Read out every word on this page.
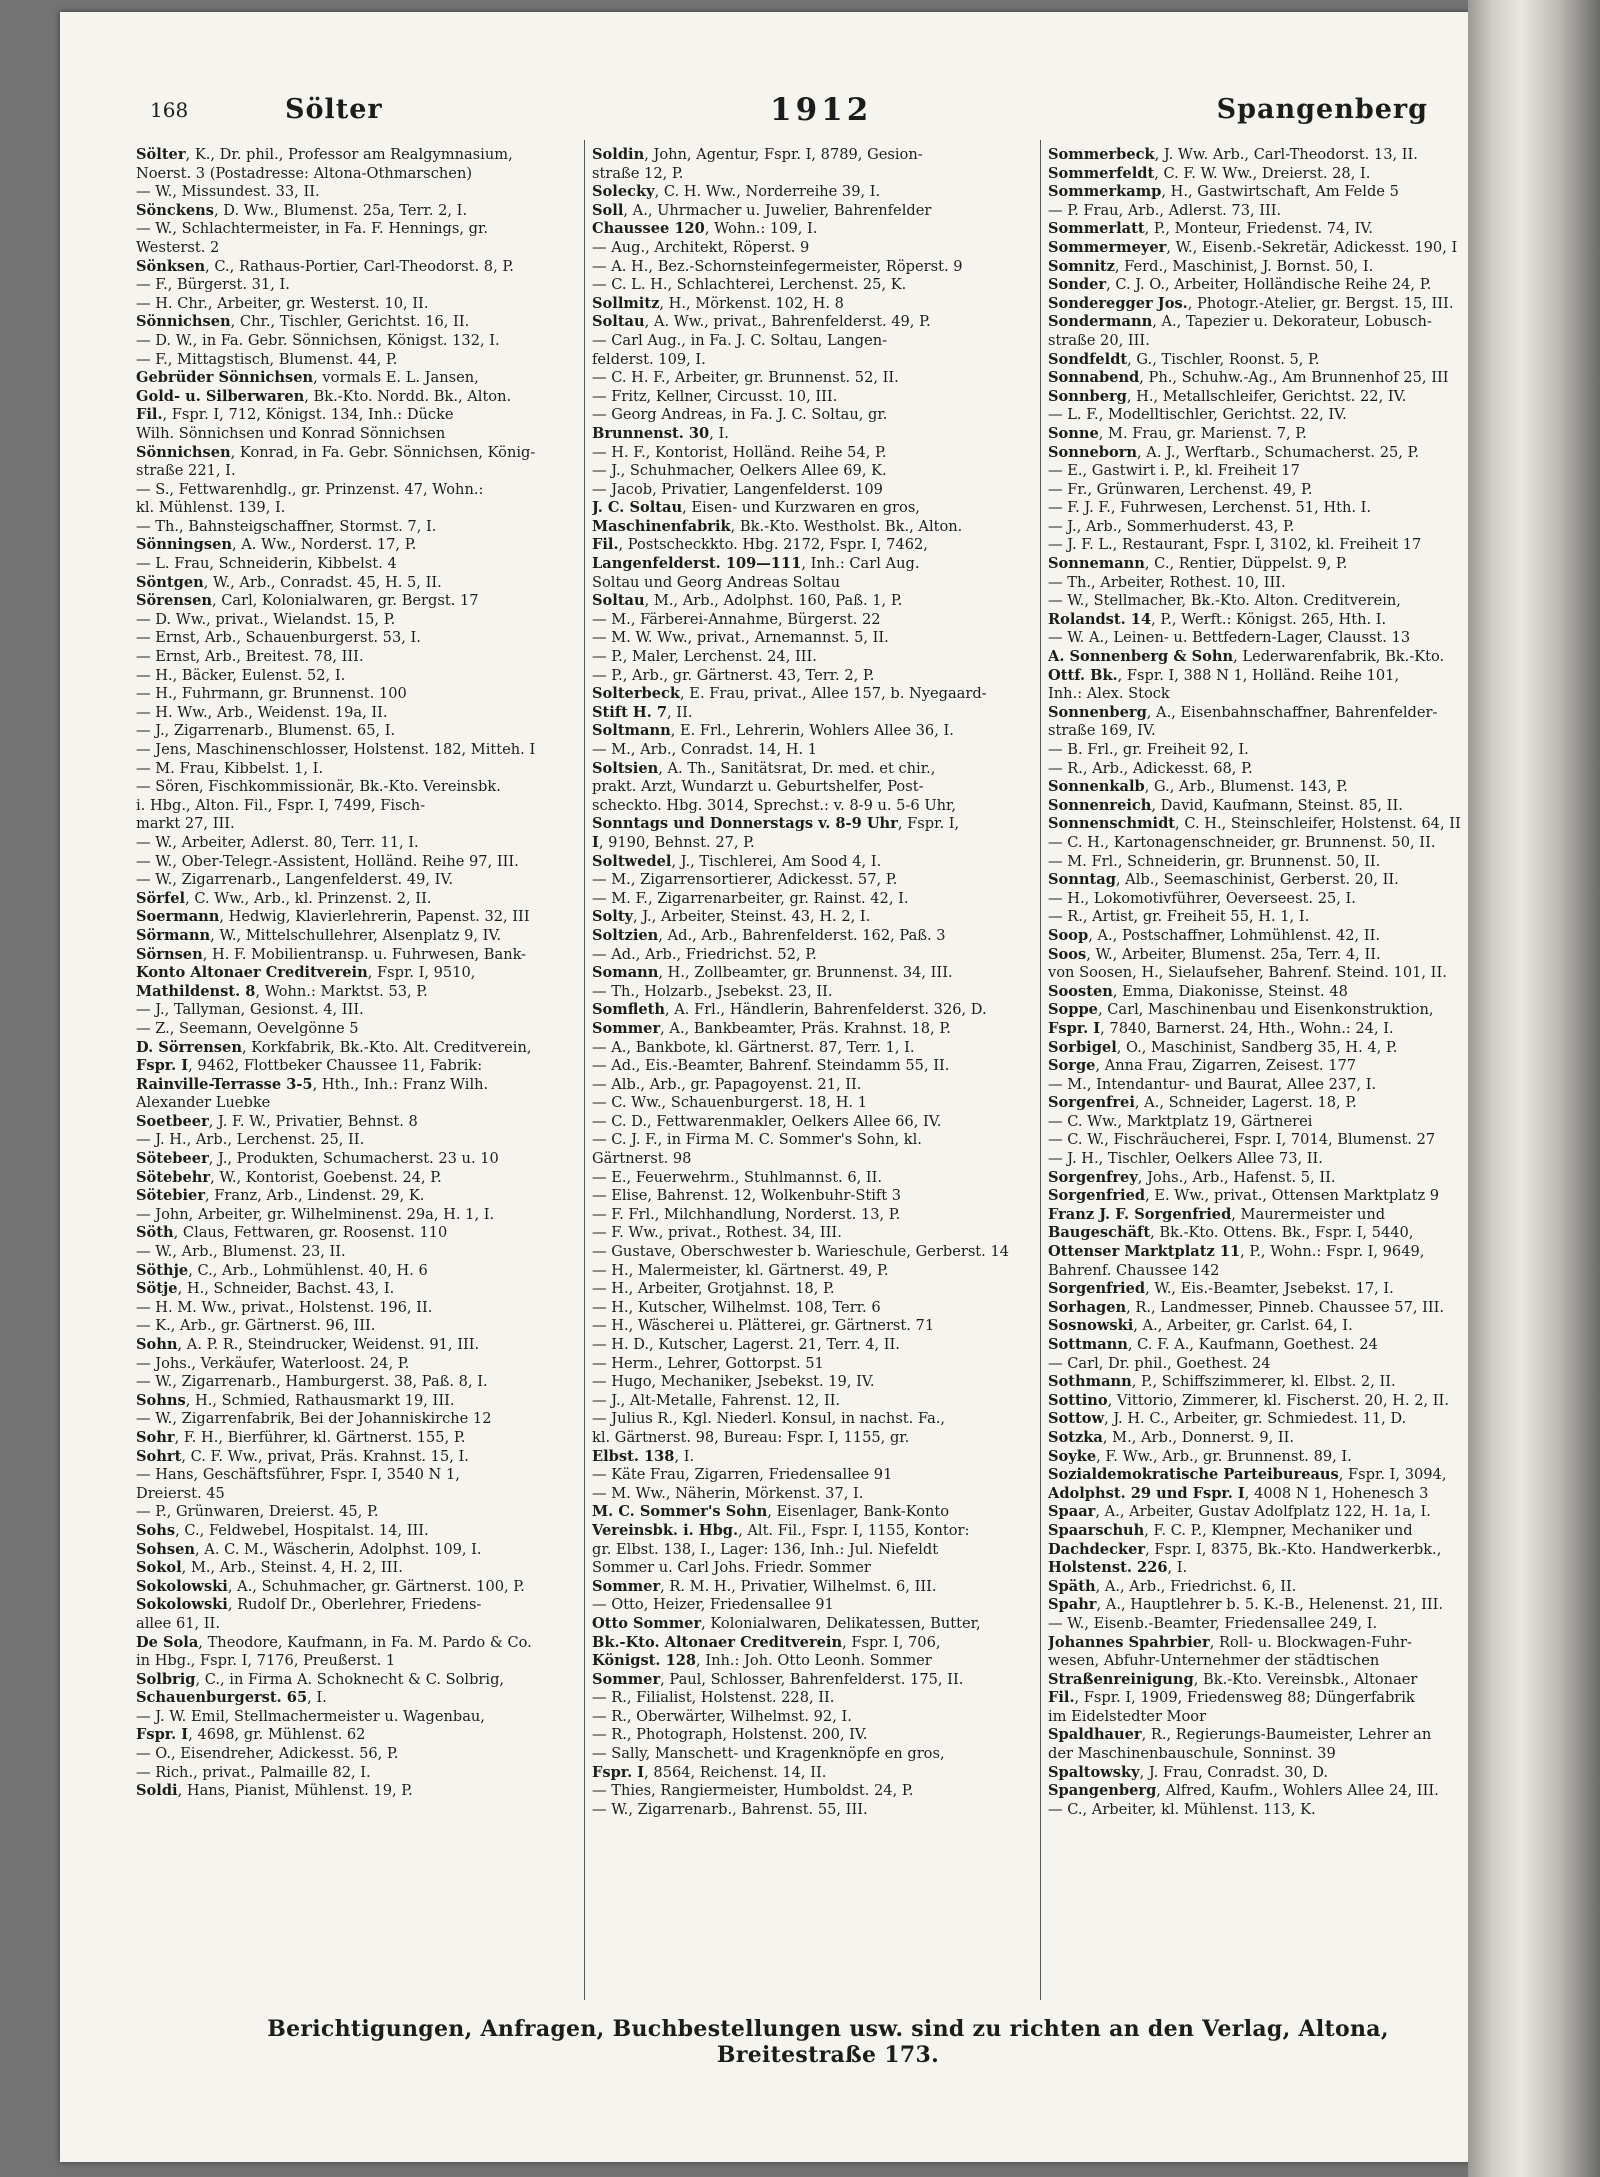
168	Sölter	1912	Spangenberg
Sölter, K., Dr. phil., Professor am Realgymnasium,
Noerst. 3 (Postadresse: Altona-Othmarschen)
— W., Missundest. 33, II.
Sönckens, D. Ww., Blumenst. 25a, Terr. 2, I.
— W., Schlachtermeister, in Fa. F. Hennings, gr.
Westerst. 2
Sönksen, C., Rathaus-Portier, Carl-Theodorst. 8, P.
— F., Bürgerst. 31, I.
— H. Chr., Arbeiter, gr. Westerst. 10, II.
Sönnichsen, Chr., Tischler, Gerichtst. 16, II.
— D. W., in Fa. Gebr. Sönnichsen, Königst. 132, I.
— F., Mittagstisch, Blumenst. 44, P.
Gebrüder Sönnichsen, vormals E. L. Jansen,
Gold- u. Silberwaren, Bk.-Kto. Nordd. Bk., Alton.
Fil., Fspr. I, 712, Königst. 134, Inh.: Dücke
Wilh. Sönnichsen und Konrad Sönnichsen
Sönnichsen, Konrad, in Fa. Gebr. Sönnichsen, König-
straße 221, I.
— S., Fettwarenhdlg., gr. Prinzenst. 47, Wohn.:
kl. Mühlenst. 139, I.
— Th., Bahnsteigschaffner, Stormst. 7, I.
Sönningsen, A. Ww., Norderst. 17, P.
— L. Frau, Schneiderin, Kibbelst. 4
Söntgen, W., Arb., Conradst. 45, H. 5, II.
Sörensen, Carl, Kolonialwaren, gr. Bergst. 17
— D. Ww., privat., Wielandst. 15, P.
— Ernst, Arb., Schauenburgerst. 53, I.
— Ernst, Arb., Breitest. 78, III.
— H., Bäcker, Eulenst. 52, I.
— H., Fuhrmann, gr. Brunnenst. 100
— H. Ww., Arb., Weidenst. 19a, II.
— J., Zigarrenarb., Blumenst. 65, I.
— Jens, Maschinenschlosser, Holstenst. 182, Mitteh. I
— M. Frau, Kibbelst. 1, I.
— Sören, Fischkommissionär, Bk.-Kto. Vereinsbk.
i. Hbg., Alton. Fil., Fspr. I, 7499, Fisch-
markt 27, III.
— W., Arbeiter, Adlerst. 80, Terr. 11, I.
— W., Ober-Telegr.-Assistent, Holländ. Reihe 97, III.
— W., Zigarrenarb., Langenfelderst. 49, IV.
Sörfel, C. Ww., Arb., kl. Prinzenst. 2, II.
Soermann, Hedwig, Klavierlehrerin, Papenst. 32, III
Sörmann, W., Mittelschullehrer, Alsenplatz 9, IV.
Sörnsen, H. F. Mobilientransp. u. Fuhrwesen, Bank-
Konto Altonaer Creditverein, Fspr. I, 9510,
Mathildenst. 8, Wohn.: Marktst. 53, P.
— J., Tallyman, Gesionst. 4, III.
— Z., Seemann, Oevelgönne 5
D. Sörrensen, Korkfabrik, Bk.-Kto. Alt. Creditverein,
Fspr. I, 9462, Flottbeker Chaussee 11, Fabrik:
Rainville-Terrasse 3-5, Hth., Inh.: Franz Wilh.
Alexander Luebke
Soetbeer, J. F. W., Privatier, Behnst. 8
— J. H., Arb., Lerchenst. 25, II.
Sötebeer, J., Produkten, Schumacherst. 23 u. 10
Sötebehr, W., Kontorist, Goebenst. 24, P.
Sötebier, Franz, Arb., Lindenst. 29, K.
— John, Arbeiter, gr. Wilhelminenst. 29a, H. 1, I.
Söth, Claus, Fettwaren, gr. Roosenst. 110
— W., Arb., Blumenst. 23, II.
Söthje, C., Arb., Lohmühlenst. 40, H. 6
Sötje, H., Schneider, Bachst. 43, I.
— H. M. Ww., privat., Holstenst. 196, II.
— K., Arb., gr. Gärtnerst. 96, III.
Sohn, A. P. R., Steindrucker, Weidenst. 91, III.
— Johs., Verkäufer, Waterloost. 24, P.
— W., Zigarrenarb., Hamburgerst. 38, Paß. 8, I.
Sohns, H., Schmied, Rathausmarkt 19, III.
— W., Zigarrenfabrik, Bei der Johanniskirche 12
Sohr, F. H., Bierführer, kl. Gärtnerst. 155, P.
Sohrt, C. F. Ww., privat, Präs. Krahnst. 15, I.
— Hans, Geschäftsführer, Fspr. I, 3540 N 1,
Dreierst. 45
— P., Grünwaren, Dreierst. 45, P.
Sohs, C., Feldwebel, Hospitalst. 14, III.
Sohsen, A. C. M., Wäscherin, Adolphst. 109, I.
Sokol, M., Arb., Steinst. 4, H. 2, III.
Sokolowski, A., Schuhmacher, gr. Gärtnerst. 100, P.
Sokolowski, Rudolf Dr., Oberlehrer, Friedens-
allee 61, II.
De Sola, Theodore, Kaufmann, in Fa. M. Pardo & Co.
in Hbg., Fspr. I, 7176, Preußerst. 1
Solbrig, C., in Firma A. Schoknecht & C. Solbrig,
Schauenburgerst. 65, I.
— J. W. Emil, Stellmachermeister u. Wagenbau,
Fspr. I, 4698, gr. Mühlenst. 62
— O., Eisendreher, Adickesst. 56, P.
— Rich., privat., Palmaille 82, I.
Soldi, Hans, Pianist, Mühlenst. 19, P.
Soldin, John, Agentur, Fspr. I, 8789, Gesion-
straße 12, P.
Solecky, C. H. Ww., Norderreihe 39, I.
Soll, A., Uhrmacher u. Juwelier, Bahrenfelder
Chaussee 120, Wohn.: 109, I.
— Aug., Architekt, Röperst. 9
— A. H., Bez.-Schornsteinfegermeister, Röperst. 9
— C. L. H., Schlachterei, Lerchenst. 25, K.
Sollmitz, H., Mörkenst. 102, H. 8
Soltau, A. Ww., privat., Bahrenfelderst. 49, P.
— Carl Aug., in Fa. J. C. Soltau, Langen-
felderst. 109, I.
— C. H. F., Arbeiter, gr. Brunnenst. 52, II.
— Fritz, Kellner, Circusst. 10, III.
— Georg Andreas, in Fa. J. C. Soltau, gr.
Brunnenst. 30, I.
— H. F., Kontorist, Holländ. Reihe 54, P.
— J., Schuhmacher, Oelkers Allee 69, K.
— Jacob, Privatier, Langenfelderst. 109
J. C. Soltau, Eisen- und Kurzwaren en gros,
Maschinenfabrik, Bk.-Kto. Westholst. Bk., Alton.
Fil., Postscheckkto. Hbg. 2172, Fspr. I, 7462,
Langenfelderst. 109—111, Inh.: Carl Aug.
Soltau und Georg Andreas Soltau
Soltau, M., Arb., Adolphst. 160, Paß. 1, P.
— M., Färberei-Annahme, Bürgerst. 22
— M. W. Ww., privat., Arnemannst. 5, II.
— P., Maler, Lerchenst. 24, III.
— P., Arb., gr. Gärtnerst. 43, Terr. 2, P.
Solterbeck, E. Frau, privat., Allee 157, b. Nyegaard-
Stift H. 7, II.
Soltmann, E. Frl., Lehrerin, Wohlers Allee 36, I.
— M., Arb., Conradst. 14, H. 1
Soltsien, A. Th., Sanitätsrat, Dr. med. et chir.,
prakt. Arzt, Wundarzt u. Geburtshelfer, Post-
scheckto. Hbg. 3014, Sprechst.: v. 8-9 u. 5-6 Uhr,
Sonntags und Donnerstags v. 8-9 Uhr, Fspr. I,
I, 9190, Behnst. 27, P.
Soltwedel, J., Tischlerei, Am Sood 4, I.
— M., Zigarrensortierer, Adickesst. 57, P.
— M. F., Zigarrenarbeiter, gr. Rainst. 42, I.
Solty, J., Arbeiter, Steinst. 43, H. 2, I.
Soltzien, Ad., Arb., Bahrenfelderst. 162, Paß. 3
— Ad., Arb., Friedrichst. 52, P.
Somann, H., Zollbeamter, gr. Brunnenst. 34, III.
— Th., Holzarb., Jsebekst. 23, II.
Somfleth, A. Frl., Händlerin, Bahrenfelderst. 326, D.
Sommer, A., Bankbeamter, Präs. Krahnst. 18, P.
— A., Bankbote, kl. Gärtnerst. 87, Terr. 1, I.
— Ad., Eis.-Beamter, Bahrenf. Steindamm 55, II.
— Alb., Arb., gr. Papagoyenst. 21, II.
— C. Ww., Schauenburgerst. 18, H. 1
— C. D., Fettwarenmakler, Oelkers Allee 66, IV.
— C. J. F., in Firma M. C. Sommer's Sohn, kl.
Gärtnerst. 98
— E., Feuerwehrm., Stuhlmannst. 6, II.
— Elise, Bahrenst. 12, Wolkenbuhr-Stift 3
— F. Frl., Milchhandlung, Norderst. 13, P.
— F. Ww., privat., Rothest. 34, III.
— Gustave, Oberschwester b. Warieschule, Gerberst. 14
— H., Malermeister, kl. Gärtnerst. 49, P.
— H., Arbeiter, Grotjahnst. 18, P.
— H., Kutscher, Wilhelmst. 108, Terr. 6
— H., Wäscherei u. Plätterei, gr. Gärtnerst. 71
— H. D., Kutscher, Lagerst. 21, Terr. 4, II.
— Herm., Lehrer, Gottorpst. 51
— Hugo, Mechaniker, Jsebekst. 19, IV.
— J., Alt-Metalle, Fahrenst. 12, II.
— Julius R., Kgl. Niederl. Konsul, in nachst. Fa.,
kl. Gärtnerst. 98, Bureau: Fspr. I, 1155, gr.
Elbst. 138, I.
— Käte Frau, Zigarren, Friedensallee 91
— M. Ww., Näherin, Mörkenst. 37, I.
M. C. Sommer's Sohn, Eisenlager, Bank-Konto
Vereinsbk. i. Hbg., Alt. Fil., Fspr. I, 1155, Kontor:
gr. Elbst. 138, I., Lager: 136, Inh.: Jul. Niefeldt
Sommer u. Carl Johs. Friedr. Sommer
Sommer, R. M. H., Privatier, Wilhelmst. 6, III.
— Otto, Heizer, Friedensallee 91
Otto Sommer, Kolonialwaren, Delikatessen, Butter,
Bk.-Kto. Altonaer Creditverein, Fspr. I, 706,
Königst. 128, Inh.: Joh. Otto Leonh. Sommer
Sommer, Paul, Schlosser, Bahrenfelderst. 175, II.
— R., Filialist, Holstenst. 228, II.
— R., Oberwärter, Wilhelmst. 92, I.
— R., Photograph, Holstenst. 200, IV.
— Sally, Manschett- und Kragenknöpfe en gros,
Fspr. I, 8564, Reichenst. 14, II.
— Thies, Rangiermeister, Humboldst. 24, P.
— W., Zigarrenarb., Bahrenst. 55, III.
Sommerbeck, J. Ww. Arb., Carl-Theodorst. 13, II.
Sommerfeldt, C. F. W. Ww., Dreierst. 28, I.
Sommerkamp, H., Gastwirtschaft, Am Felde 5
— P. Frau, Arb., Adlerst. 73, III.
Sommerlatt, P., Monteur, Friedenst. 74, IV.
Sommermeyer, W., Eisenb.-Sekretär, Adickesst. 190, I
Somnitz, Ferd., Maschinist, J. Bornst. 50, I.
Sonder, C. J. O., Arbeiter, Holländische Reihe 24, P.
Sonderegger Jos., Photogr.-Atelier, gr. Bergst. 15, III.
Sondermann, A., Tapezier u. Dekorateur, Lobusch-
straße 20, III.
Sondfeldt, G., Tischler, Roonst. 5, P.
Sonnabend, Ph., Schuhw.-Ag., Am Brunnenhof 25, III
Sonnberg, H., Metallschleifer, Gerichtst. 22, IV.
— L. F., Modelltischler, Gerichtst. 22, IV.
Sonne, M. Frau, gr. Marienst. 7, P.
Sonneborn, A. J., Werftarb., Schumacherst. 25, P.
— E., Gastwirt i. P., kl. Freiheit 17
— Fr., Grünwaren, Lerchenst. 49, P.
— F. J. F., Fuhrwesen, Lerchenst. 51, Hth. I.
— J., Arb., Sommerhuderst. 43, P.
— J. F. L., Restaurant, Fspr. I, 3102, kl. Freiheit 17
Sonnemann, C., Rentier, Düppelst. 9, P.
— Th., Arbeiter, Rothest. 10, III.
— W., Stellmacher, Bk.-Kto. Alton. Creditverein,
Rolandst. 14, P., Werft.: Königst. 265, Hth. I.
— W. A., Leinen- u. Bettfedern-Lager, Clausst. 13
A. Sonnenberg & Sohn, Lederwarenfabrik, Bk.-Kto.
Ottf. Bk., Fspr. I, 388 N 1, Holländ. Reihe 101,
Inh.: Alex. Stock
Sonnenberg, A., Eisenbahnschaffner, Bahrenfelder-
straße 169, IV.
— B. Frl., gr. Freiheit 92, I.
— R., Arb., Adickesst. 68, P.
Sonnenkalb, G., Arb., Blumenst. 143, P.
Sonnenreich, David, Kaufmann, Steinst. 85, II.
Sonnenschmidt, C. H., Steinschleifer, Holstenst. 64, II
— C. H., Kartonagenschneider, gr. Brunnenst. 50, II.
— M. Frl., Schneiderin, gr. Brunnenst. 50, II.
Sonntag, Alb., Seemaschinist, Gerberst. 20, II.
— H., Lokomotivführer, Oeverseest. 25, I.
— R., Artist, gr. Freiheit 55, H. 1, I.
Soop, A., Postschaffner, Lohmühlenst. 42, II.
Soos, W., Arbeiter, Blumenst. 25a, Terr. 4, II.
von Soosen, H., Sielaufseher, Bahrenf. Steind. 101, II.
Soosten, Emma, Diakonisse, Steinst. 48
Soppe, Carl, Maschinenbau und Eisenkonstruktion,
Fspr. I, 7840, Barnerst. 24, Hth., Wohn.: 24, I.
Sorbigel, O., Maschinist, Sandberg 35, H. 4, P.
Sorge, Anna Frau, Zigarren, Zeisest. 177
— M., Intendantur- und Baurat, Allee 237, I.
Sorgenfrei, A., Schneider, Lagerst. 18, P.
— C. Ww., Marktplatz 19, Gärtnerei
— C. W., Fischräucherei, Fspr. I, 7014, Blumenst. 27
— J. H., Tischler, Oelkers Allee 73, II.
Sorgenfrey, Johs., Arb., Hafenst. 5, II.
Sorgenfried, E. Ww., privat., Ottensen Marktplatz 9
Franz J. F. Sorgenfried, Maurermeister und
Baugeschäft, Bk.-Kto. Ottens. Bk., Fspr. I, 5440,
Ottenser Marktplatz 11, P., Wohn.: Fspr. I, 9649,
Bahrenf. Chaussee 142
Sorgenfried, W., Eis.-Beamter, Jsebekst. 17, I.
Sorhagen, R., Landmesser, Pinneb. Chaussee 57, III.
Sosnowski, A., Arbeiter, gr. Carlst. 64, I.
Sottmann, C. F. A., Kaufmann, Goethest. 24
— Carl, Dr. phil., Goethest. 24
Sothmann, P., Schiffszimmerer, kl. Elbst. 2, II.
Sottino, Vittorio, Zimmerer, kl. Fischerst. 20, H. 2, II.
Sottow, J. H. C., Arbeiter, gr. Schmiedest. 11, D.
Sotzka, M., Arb., Donnerst. 9, II.
Soyke, F. Ww., Arb., gr. Brunnenst. 89, I.
Sozialdemokratische Parteibureaus, Fspr. I, 3094,
Adolphst. 29 und Fspr. I, 4008 N 1, Hohenesch 3
Spaar, A., Arbeiter, Gustav Adolfplatz 122, H. 1a, I.
Spaarschuh, F. C. P., Klempner, Mechaniker und
Dachdecker, Fspr. I, 8375, Bk.-Kto. Handwerkerbk.,
Holstenst. 226, I.
Späth, A., Arb., Friedrichst. 6, II.
Spahr, A., Hauptlehrer b. 5. K.-B., Helenenst. 21, III.
— W., Eisenb.-Beamter, Friedensallee 249, I.
Johannes Spahrbier, Roll- u. Blockwagen-Fuhr-
wesen, Abfuhr-Unternehmer der städtischen
Straßenreinigung, Bk.-Kto. Vereinsbk., Altonaer
Fil., Fspr. I, 1909, Friedensweg 88; Düngerfabrik
im Eidelstedter Moor
Spaldhauer, R., Regierungs-Baumeister, Lehrer an
der Maschinenbauschule, Sonninst. 39
Spaltowsky, J. Frau, Conradst. 30, D.
Spangenberg, Alfred, Kaufm., Wohlers Allee 24, III.
— C., Arbeiter, kl. Mühlenst. 113, K.
Berichtigungen, Anfragen, Buchbestellungen usw. sind zu richten an den Verlag, Altona, Breitestraße 173.
